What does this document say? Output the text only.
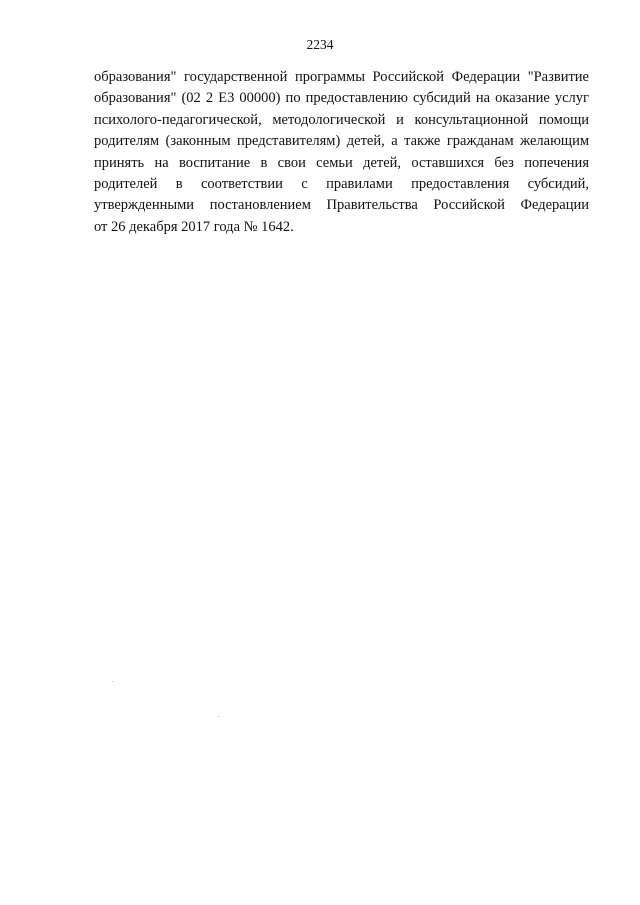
2234
образования" государственной программы Российской Федерации "Развитие
образования" (02 2 Е3 00000) по предоставлению субсидий на оказание услуг
психолого-педагогической, методологической и консультационной помощи
родителям (законным представителям) детей, а также гражданам желающим
принять на воспитание в свои семьи детей, оставшихся без попечения
родителей в соответствии с правилами предоставления субсидий,
утвержденными постановлением Правительства Российской Федерации
от 26 декабря 2017 года № 1642.
